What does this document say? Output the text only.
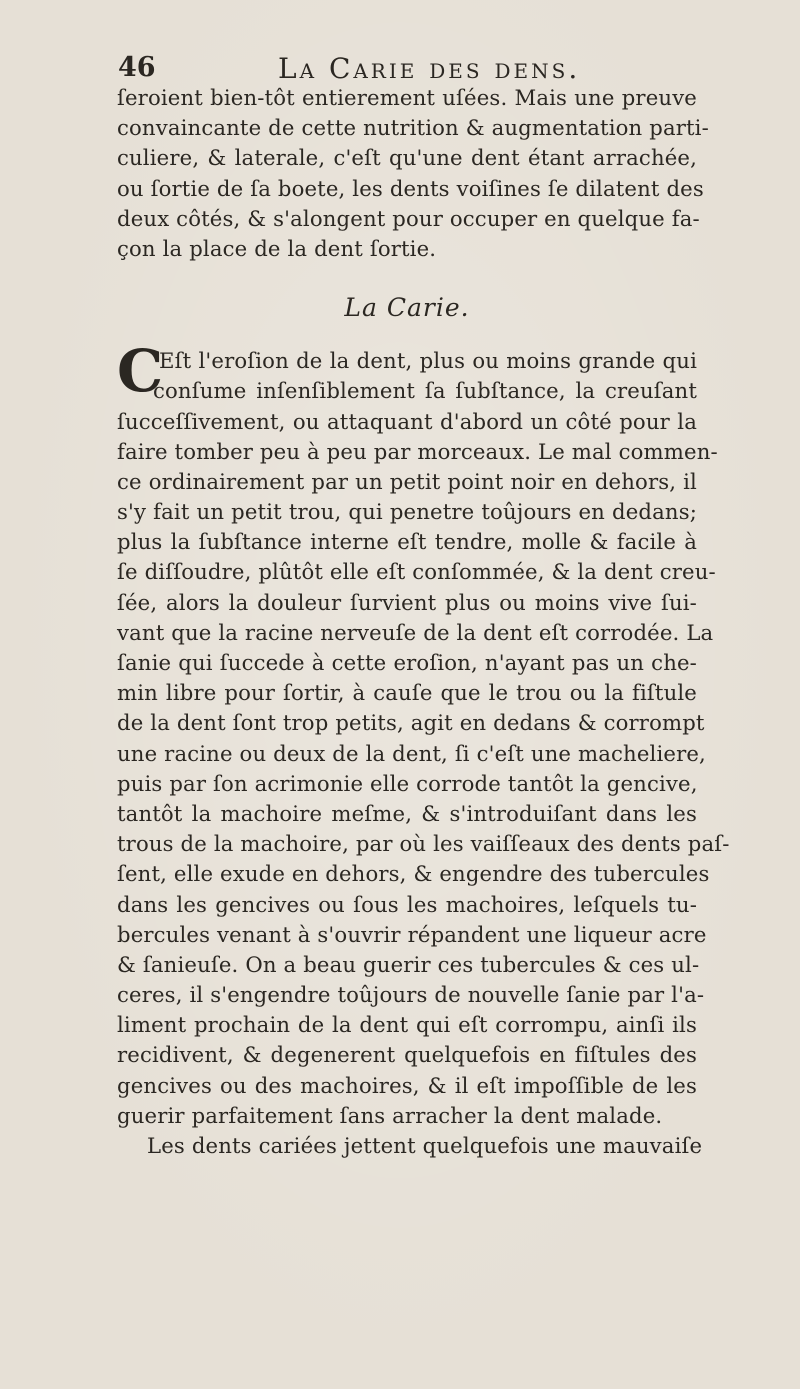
46	La Carie des dens.
ſeroient bien-tôt entierement uſées. Mais une preuve
convaincante de cette nutrition & augmentation parti-
culiere, & laterale, c'eſt qu'une dent étant arrachée,
ou ſortie de ſa boete, les dents voiſines ſe dilatent des
deux côtés, & s'alongent pour occuper en quelque fa-
çon la place de la dent ſortie.
La Carie.
C
'Eſt l'eroſion de la dent, plus ou moins grande qui
conſume inſenſiblement ſa ſubſtance, la creuſant
ſucceſſivement, ou attaquant d'abord un côté pour la
faire tomber peu à peu par morceaux. Le mal commen-
ce ordinairement par un petit point noir en dehors, il
s'y fait un petit trou, qui penetre toûjours en dedans;
plus la ſubſtance interne eſt tendre, molle & facile à
ſe diſſoudre, plûtôt elle eſt conſommée, & la dent creu-
ſée, alors la douleur ſurvient plus ou moins vive ſui-
vant que la racine nerveuſe de la dent eſt corrodée. La
ſanie qui ſuccede à cette eroſion, n'ayant pas un che-
min libre pour ſortir, à cauſe que le trou ou la fiſtule
de la dent ſont trop petits, agit en dedans & corrompt
une racine ou deux de la dent, ſi c'eſt une macheliere,
puis par ſon acrimonie elle corrode tantôt la gencive,
tantôt la machoire meſme, & s'introduiſant dans les
trous de la machoire, par où les vaiſſeaux des dents paſ-
ſent, elle exude en dehors, & engendre des tubercules
dans les gencives ou ſous les machoires, leſquels tu-
bercules venant à s'ouvrir répandent une liqueur acre
& ſanieuſe. On a beau guerir ces tubercules & ces ul-
ceres, il s'engendre toûjours de nouvelle ſanie par l'a-
liment prochain de la dent qui eſt corrompu, ainſi ils
recidivent, & degenerent quelquefois en fiſtules des
gencives ou des machoires, & il eſt impoſſible de les
guerir parfaitement ſans arracher la dent malade.
Les dents cariées jettent quelquefois une mauvaiſe
